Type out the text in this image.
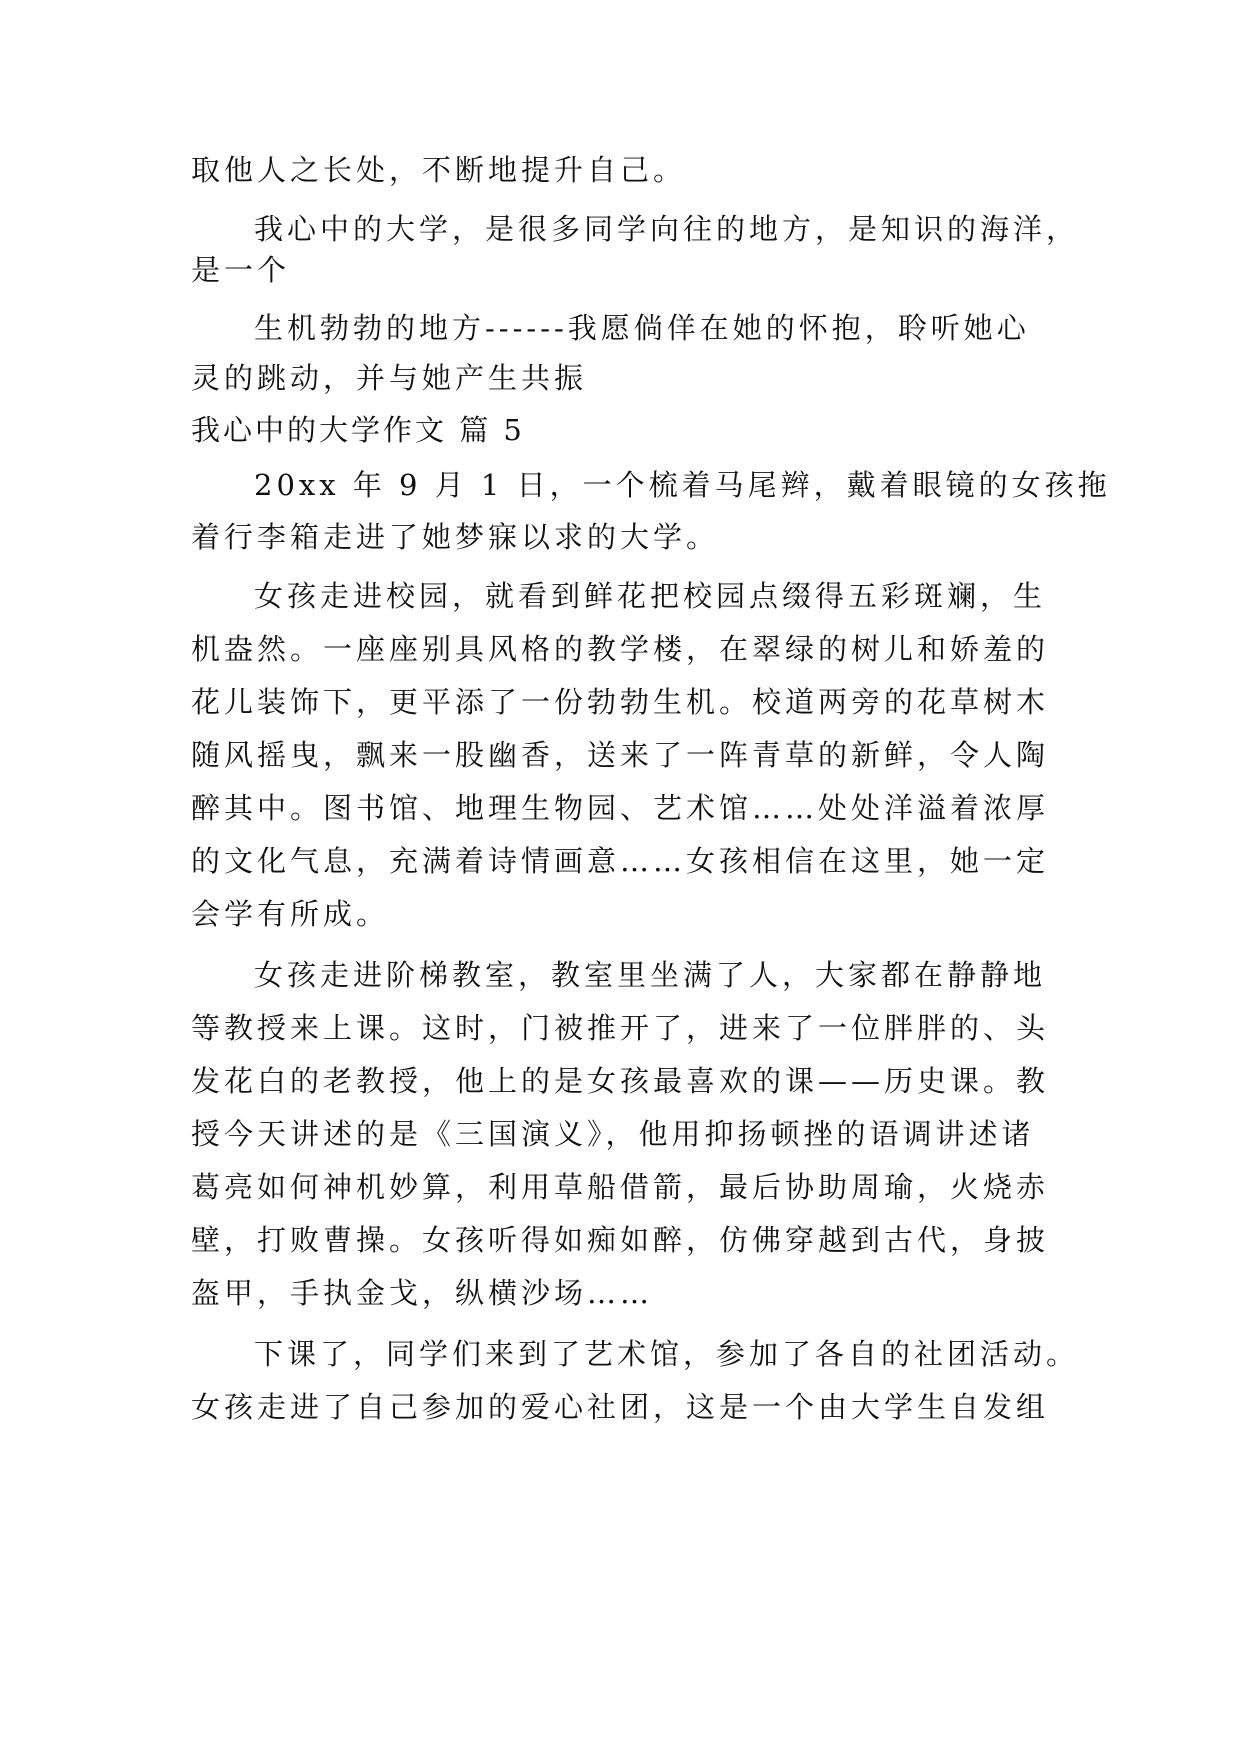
取他人之长处，不断地提升自己。
我心中的大学，是很多同学向往的地方，是知识的海洋，
是一个
生机勃勃的地方------我愿倘佯在她的怀抱，聆听她心
灵的跳动，并与她产生共振
我心中的大学作文 篇 5
20xx 年 9 月 1 日，一个梳着马尾辫，戴着眼镜的女孩拖
着行李箱走进了她梦寐以求的大学。
女孩走进校园，就看到鲜花把校园点缀得五彩斑斓，生
机盎然。一座座别具风格的教学楼，在翠绿的树儿和娇羞的
花儿装饰下，更平添了一份勃勃生机。校道两旁的花草树木
随风摇曳，飘来一股幽香，送来了一阵青草的新鲜，令人陶
醉其中。图书馆、地理生物园、艺术馆……处处洋溢着浓厚
的文化气息，充满着诗情画意……女孩相信在这里，她一定
会学有所成。
女孩走进阶梯教室，教室里坐满了人，大家都在静静地
等教授来上课。这时，门被推开了，进来了一位胖胖的、头
发花白的老教授，他上的是女孩最喜欢的课——历史课。教
授今天讲述的是《三国演义》，他用抑扬顿挫的语调讲述诸
葛亮如何神机妙算，利用草船借箭，最后协助周瑜，火烧赤
壁，打败曹操。女孩听得如痴如醉，仿佛穿越到古代，身披
盔甲，手执金戈，纵横沙场……
下课了，同学们来到了艺术馆，参加了各自的社团活动。
女孩走进了自己参加的爱心社团，这是一个由大学生自发组
